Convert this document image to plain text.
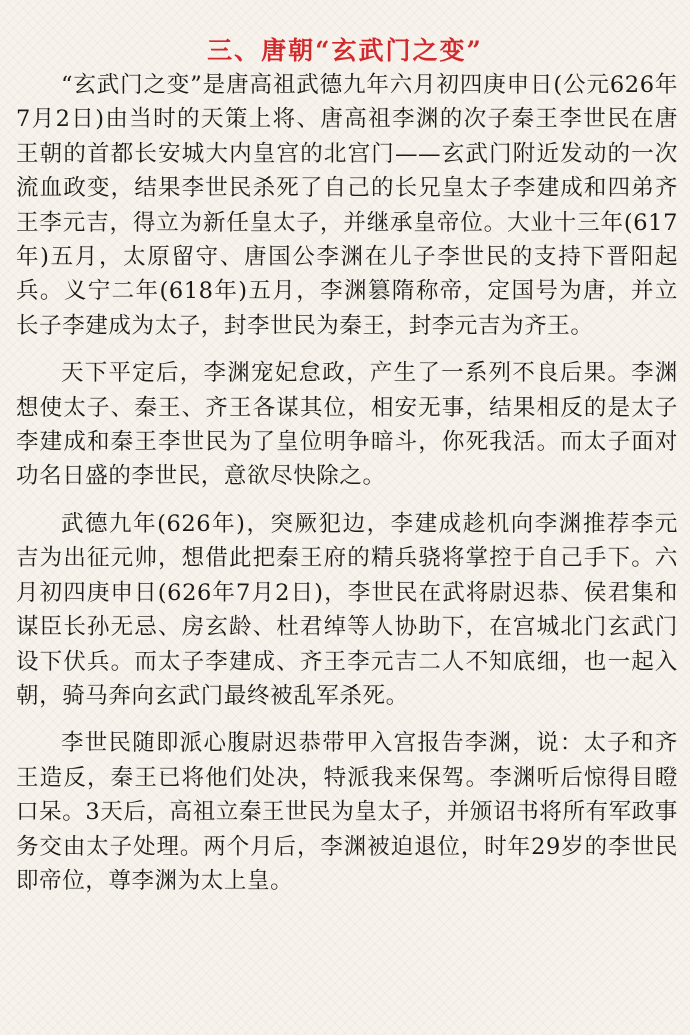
三、唐朝“玄武门之变”

“玄武门之变”是唐高祖武德九年六月初四庚申日(公元626年7月2日)由当时的天策上将、唐高祖李渊的次子秦王李世民在唐王朝的首都长安城大内皇宫的北宫门——玄武门附近发动的一次流血政变，结果李世民杀死了自己的长兄皇太子李建成和四弟齐王李元吉，得立为新任皇太子，并继承皇帝位。大业十三年(617年)五月，太原留守、唐国公李渊在儿子李世民的支持下晋阳起兵。义宁二年(618年)五月，李渊篡隋称帝，定国号为唐，并立长子李建成为太子，封李世民为秦王，封李元吉为齐王。

天下平定后，李渊宠妃怠政，产生了一系列不良后果。李渊想使太子、秦王、齐王各谋其位，相安无事，结果相反的是太子李建成和秦王李世民为了皇位明争暗斗，你死我活。而太子面对功名日盛的李世民，意欲尽快除之。

武德九年(626年)，突厥犯边，李建成趁机向李渊推荐李元吉为出征元帅，想借此把秦王府的精兵骁将掌控于自己手下。六月初四庚申日(626年7月2日)，李世民在武将尉迟恭、侯君集和谋臣长孙无忌、房玄龄、杜君绰等人协助下，在宫城北门玄武门设下伏兵。而太子李建成、齐王李元吉二人不知底细，也一起入朝，骑马奔向玄武门最终被乱军杀死。

李世民随即派心腹尉迟恭带甲入宫报告李渊，说：太子和齐王造反，秦王已将他们处决，特派我来保驾。李渊听后惊得目瞪口呆。3天后，高祖立秦王世民为皇太子，并颁诏书将所有军政事务交由太子处理。两个月后，李渊被迫退位，时年29岁的李世民即帝位，尊李渊为太上皇。
